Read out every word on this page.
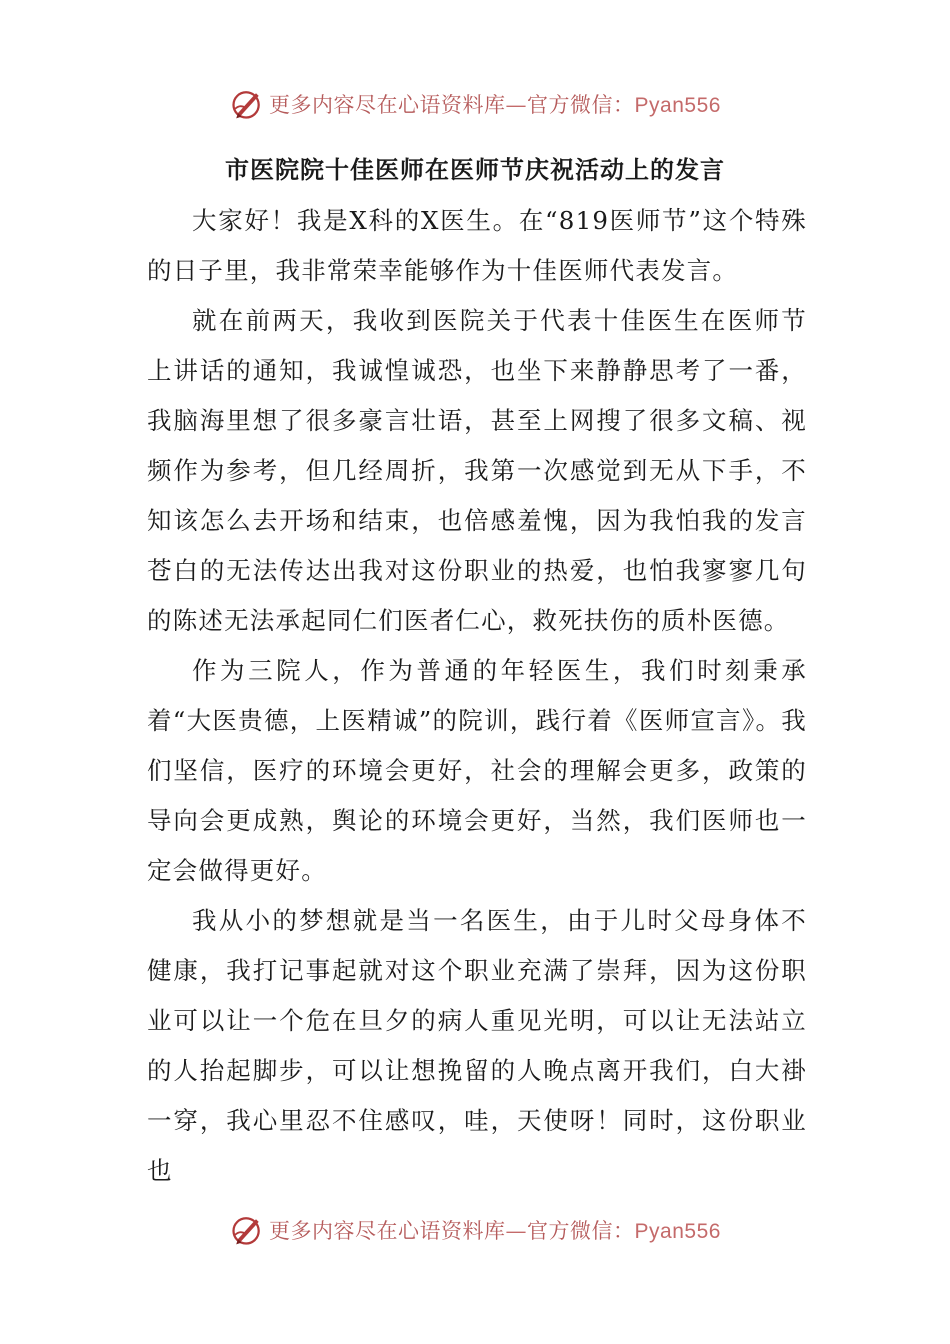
更多内容尽在心语资料库—官方微信：Pyan556
市医院院十佳医师在医师节庆祝活动上的发言

大家好！我是X科的X医生。在“819医师节”这个特殊的日子里，我非常荣幸能够作为十佳医师代表发言。

就在前两天，我收到医院关于代表十佳医生在医师节上讲话的通知，我诚惶诚恐，也坐下来静静思考了一番，我脑海里想了很多豪言壮语，甚至上网搜了很多文稿、视频作为参考，但几经周折，我第一次感觉到无从下手，不知该怎么去开场和结束，也倍感羞愧，因为我怕我的发言苍白的无法传达出我对这份职业的热爱，也怕我寥寥几句的陈述无法承起同仁们医者仁心，救死扶伤的质朴医德。

作为三院人，作为普通的年轻医生，我们时刻秉承着“大医贵德，上医精诚”的院训，践行着《医师宣言》。我们坚信，医疗的环境会更好，社会的理解会更多，政策的导向会更成熟，舆论的环境会更好，当然，我们医师也一定会做得更好。

我从小的梦想就是当一名医生，由于儿时父母身体不健康，我打记事起就对这个职业充满了崇拜，因为这份职业可以让一个危在旦夕的病人重见光明，可以让无法站立的人抬起脚步，可以让想挽留的人晚点离开我们，白大褂一穿，我心里忍不住感叹，哇，天使呀！同时，这份职业也

更多内容尽在心语资料库—官方微信：Pyan556
